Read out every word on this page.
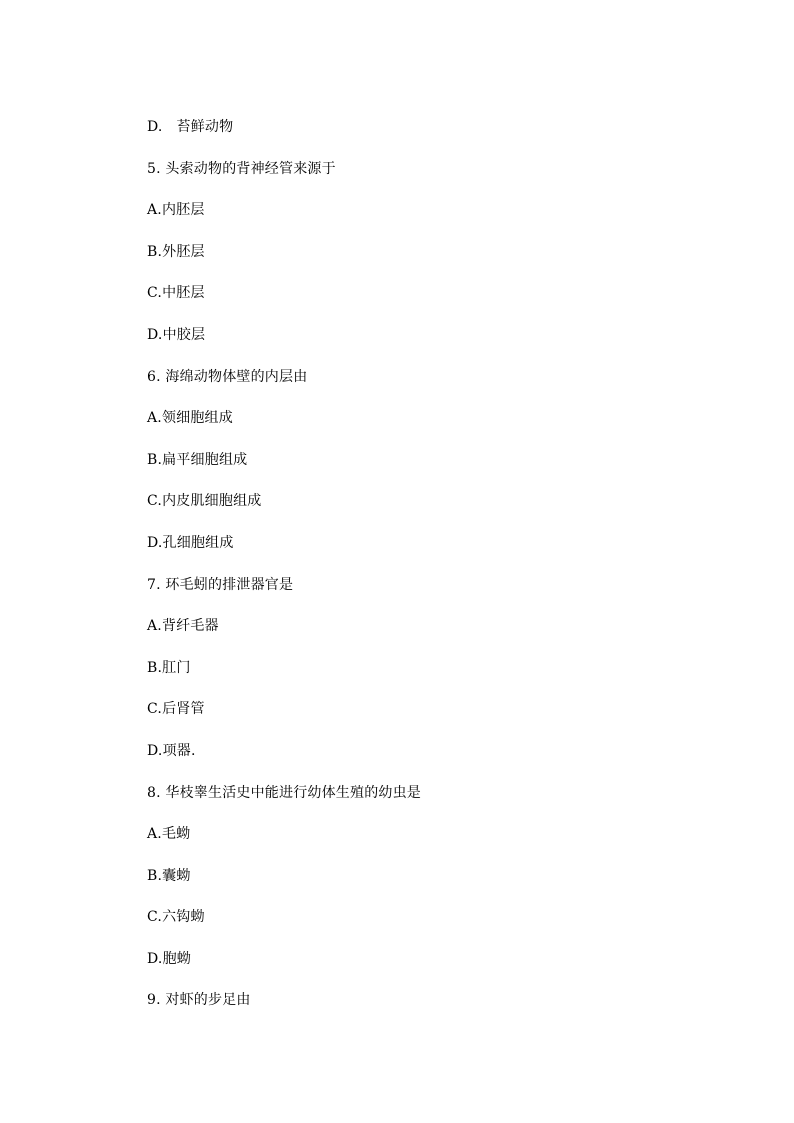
D.   苔鲜动物
5. 头索动物的背神经管来源于
A.内胚层
B.外胚层
C.中胚层
D.中胶层
6. 海绵动物体壁的内层由
A.领细胞组成
B.扁平细胞组成
C.内皮肌细胞组成
D.孔细胞组成
7. 环毛蚓的排泄器官是
A.背纤毛器
B.肛门
C.后肾管
D.项器.
8. 华枝睾生活史中能进行幼体生殖的幼虫是
A.毛蚴
B.囊蚴
C.六钩蚴
D.胞蚴
9. 对虾的步足由
